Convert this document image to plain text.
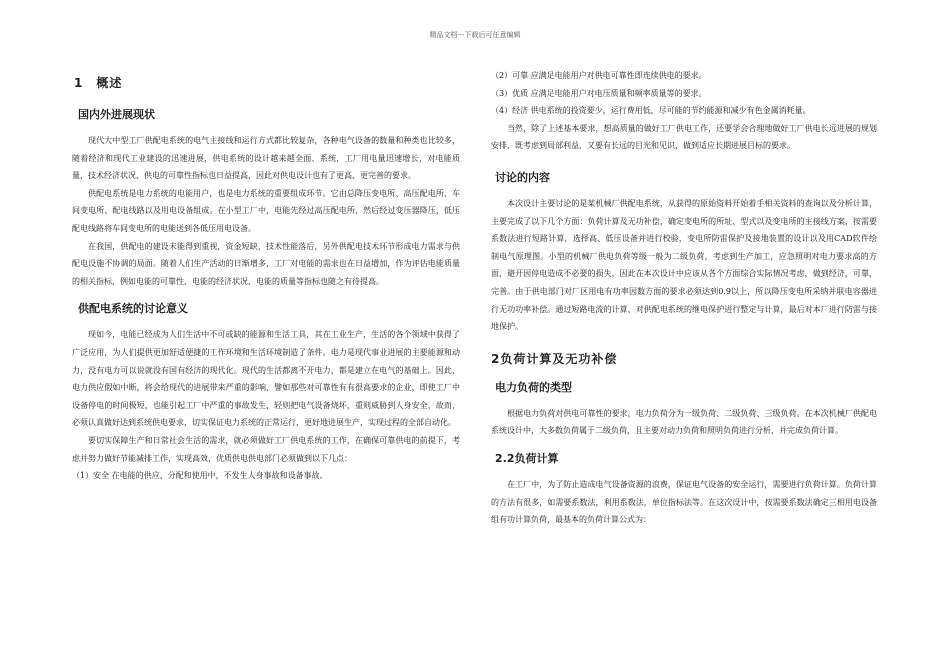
精品文档---下载后可任意编辑
1　概述
国内外进展现状

现代大中型工厂供配电系统的电气主接线和运行方式都比较复杂，各种电气设备的数量和种类也比较多，随着经济和现代工业建设的迅速进展，供电系统的设计越来越全面、系统，工厂用电量迅速增长，对电能质量，技术经济状况、供电的可靠性指标也日益提高，因此对供电设计也有了更高、更完善的要求。

供配电系统是电力系统的电能用户，也是电力系统的重要组成环节。它由总降压变电所、高压配电所、车间变电所、配电线路以及用电设备组成。在小型工厂中，电能先经过高压配电所，然后经过变压器降压，低压配电线路将车间变电所的电能送到各低压用电设备。

在我国，供配电的建设未能得到重视，资金短缺，技术性能落后，另外供配电技术环节形成电力需求与供配电设施不协调的局面。随着人们生产活动的日渐增多，工厂对电能的需求也在日益增加，作为评估电能质量的相关指标，例如电能的可靠性、电能的经济状况、电能的质量等指标也随之有待提高。

供配电系统的讨论意义

现如今，电能已经成为人们生活中不可或缺的能源和生活工具，其在工业生产，生活的各个领域中获得了广泛应用，为人们提供更加舒适便捷的工作环境和生活环境制造了条件。电力是现代事业进展的主要能源和动力，没有电力可以说就没有国有经济的现代化。现代的生活都离不开电力，都是建立在电气的基础上。因此，电力供应假如中断，将会给现代的进展带来严重的影响，譬如那些对可靠性有有很高要求的企业，即使工厂中设备停电的时间极短，也能引起工厂中严重的事故发生，轻则把电气设备烧坏，重则威胁到人身安全，故而，必须认真做好达到系统供电要求，切实保证电力系统的正常运行，更好地进展生产，实现过程的全部自动化。

要切实保障生产和日常社会生活的需求，就必须做好工厂供电系统的工作，在确保可靠供电的前提下，考虑并努力做好节能减排工作，实现高效，优质供电供电部门必须做到以下几点：

（1）安全 在电能的供应、分配和使用中，不发生人身事故和设备事故。

（2）可靠 应满足电能用户对供电可靠性即连续供电的要求。

（3）优质 应满足电能用户对电压质量和频率质量等的要求。

（4）经济 供电系统的投资要少，运行费用低，尽可能的节约能源和减少有色金属消耗量。

当然，除了上述基本要求，想高质量的做好工厂供电工作，还要学会合理地做好工厂供电长远进展的规划安排，既考虑到局部利益，又要有长远的目光和见识，做到适应长期进展目标的要求。

讨论的内容

本次设计主要讨论的是某机械厂供配电系统，从获得的原始资料开始着手相关资料的查询以及分析计算，主要完成了以下几个方面：负荷计算及无功补偿，确定变电所的所址、型式以及变电所的主接线方案，按需要系数法进行短路计算，选择高、低压设备并进行校验，变电所防雷保护及接地装置的设计以及用CAD软件绘制电气原理图。小型的机械厂供电负荷等级一般为二级负荷，考虑到生产加工，应急照明对电力要求高的方面，避开因停电造成不必要的损失，因此在本次设计中应该从各个方面综合实际情况考虑，做到经济，可靠，完善。由于供电部门对厂区用电有功率因数方面的要求必须达到0.9以上，所以降压变电所采纳并联电容器进行无功功率补偿。通过短路电流的计算，对供配电系统的继电保护进行整定与计算，最后对本厂进行防雷与接地保护。

2负荷计算及无功补偿
电力负荷的类型

根据电力负荷对供电可靠性的要求，电力负荷分为一级负荷、二级负荷、三级负荷。在本次机械厂供配电系统设计中，大多数负荷属于二级负荷，且主要对动力负荷和照明负荷进行分析，并完成负荷计算。

2.2负荷计算

在工厂中，为了防止造成电气设备资源的浪费，保证电气设备的安全运行，需要进行负荷计算。负荷计算的方法有很多，如需要系数法，利用系数法，单位指标法等。在这次设计中，按需要系数法确定三相用电设备组有功计算负荷，最基本的负荷计算公式为：
